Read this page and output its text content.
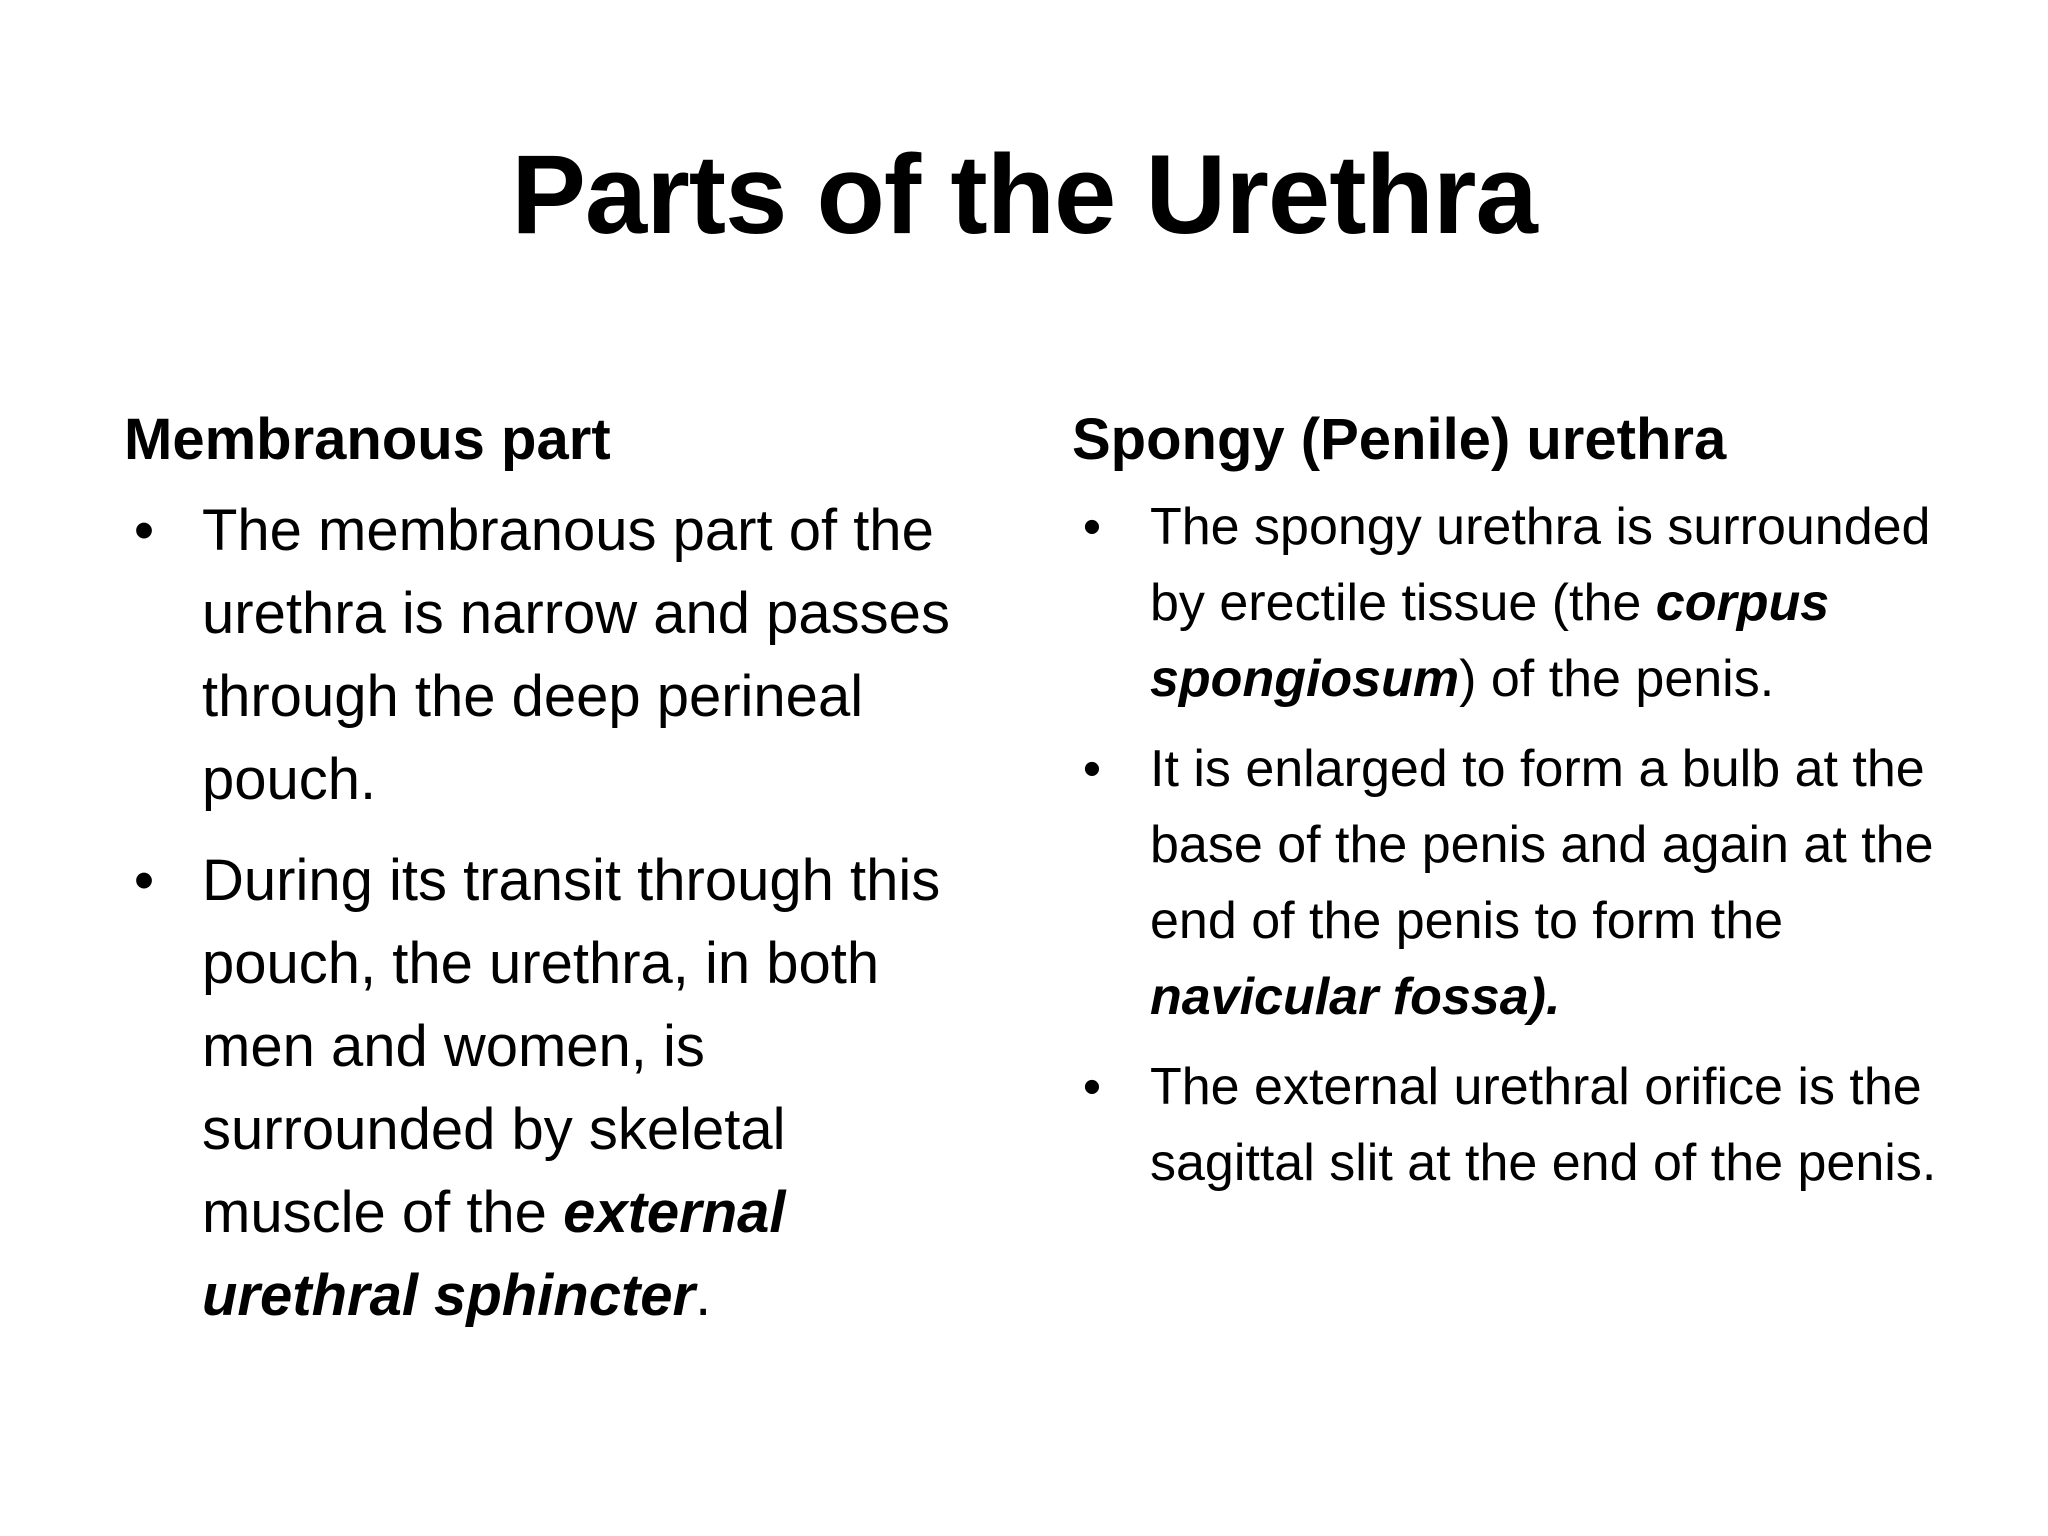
Parts of the Urethra
Membranous part
• The membranous part of the urethra is narrow and passes through the deep perineal pouch.
• During its transit through this pouch, the urethra, in both men and women, is surrounded by skeletal muscle of the external urethral sphincter.
Spongy (Penile) urethra
• The spongy urethra is surrounded by erectile tissue (the corpus spongiosum) of the penis.
• It is enlarged to form a bulb at the base of the penis and again at the end of the penis to form the navicular fossa).
• The external urethral orifice is the sagittal slit at the end of the penis.
